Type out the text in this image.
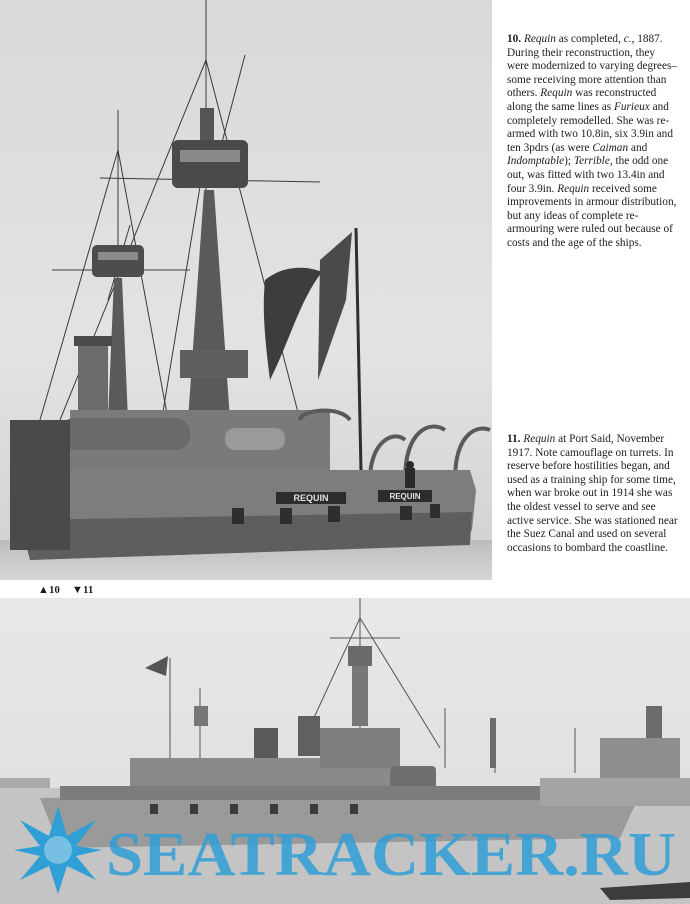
REQUIN	REQUIN

10. Requin as completed, c., 1887. During their reconstruction, they were modernized to varying degrees– some receiving more attention than others. Requin was reconstructed along the same lines as Furieux and completely remodelled. She was re-armed with two 10.8in, six 3.9in and ten 3pdrs (as were Caiman and Indomptable); Terrible, the odd one out, was fitted with two 13.4in and four 3.9in. Requin received some improvements in armour distribution, but any ideas of complete re-armouring were ruled out because of costs and the age of the ships.

11. Requin at Port Said, November 1917. Note camouflage on turrets. In reserve before hostilities began, and used as a training ship for some time, when war broke out in 1914 she was the oldest vessel to serve and see active service. She was stationed near the Suez Canal and used on several occasions to bombard the coastline.

▲10 ▼11
SEATRACKER.RU
